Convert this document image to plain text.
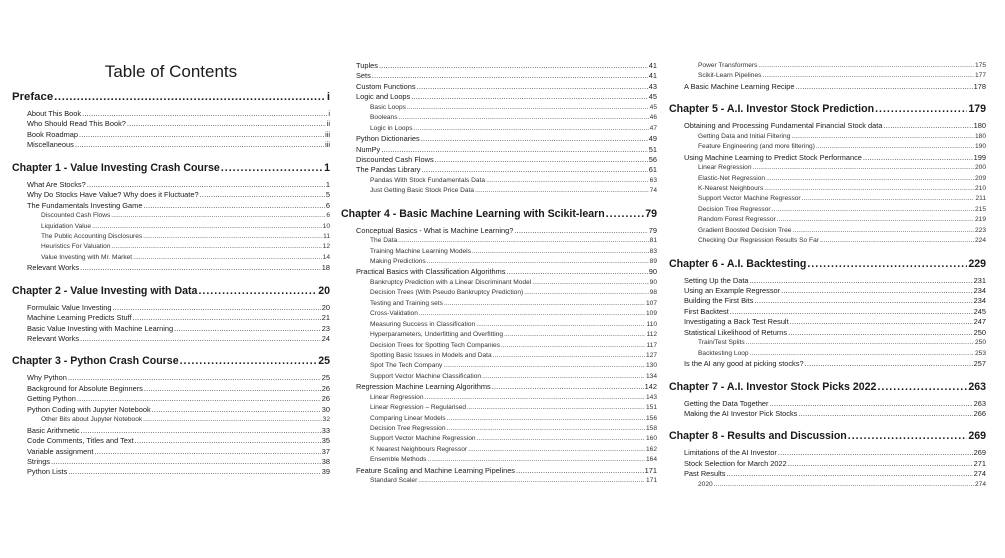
Table of Contents
Preface .....	i
About This Book .....	i
Who Should Read This Book? .....	ii
Book Roadmap .....	iii
Miscellaneous .....	iii
Chapter 1 - Value Investing Crash Course .....	1
What Are Stocks? .....	1
Why Do Stocks Have Value? Why does it Fluctuate? .....	5
The Fundamentals Investing Game .....	6
Discounted Cash Flows .....	6
Liquidation Value .....	10
The Public Accounting Disclosures .....	11
Heuristics For Valuation .....	12
Value Investing with Mr. Market .....	14
Relevant Works .....	18
Chapter 2 - Value Investing with Data .....	20
Formulaic Value Investing .....	20
Machine Learning Predicts Stuff .....	21
Basic Value Investing with Machine Learning .....	23
Relevant Works .....	24
Chapter 3 - Python Crash Course .....	25
Why Python .....	25
Background for Absolute Beginners .....	26
Getting Python .....	26
Python Coding with Jupyter Notebook .....	30
Other Bits about Jupyter Notebook .....	32
Basic Arithmetic .....	33
Code Comments, Titles and Text .....	35
Variable assignment .....	37
Strings .....	38
Python Lists .....	39
Tuples .....	41
Sets .....	41
Custom Functions .....	43
Logic and Loops .....	45
Basic Loops .....	45
Booleans .....	46
Logic in Loops .....	47
Python Dictionaries .....	49
NumPy .....	51
Discounted Cash Flows .....	56
The Pandas Library .....	61
Pandas With Stock Fundamentals Data .....	63
Just Getting Basic Stock Price Data .....	74
Chapter 4 - Basic Machine Learning with Scikit-learn .....	79
Conceptual Basics - What is Machine Learning? .....	79
The Data .....	81
Training Machine Learning Models .....	83
Making Predictions .....	89
Practical Basics with Classification Algorithms .....	90
Bankruptcy Prediction with a Linear Discriminant Model .....	90
Decision Trees (With Pseudo Bankruptcy Prediction) .....	98
Testing and Training sets .....	107
Cross-Validation .....	109
Measuring Success in Classification .....	110
Hyperparameters, Underfitting and Overfitting .....	112
Decision Trees for Spotting Tech Companies .....	117
Spotting Basic Issues in Models and Data .....	127
Spot The Tech Company .....	130
Support Vector Machine Classification .....	134
Regression Machine Learning Algorithms .....	142
Linear Regression .....	143
Linear Regression – Regularised .....	151
Comparing Linear Models .....	156
Decision Tree Regression .....	158
Support Vector Machine Regression .....	160
K Nearest Neighbours Regressor .....	162
Ensemble Methods .....	164
Feature Scaling and Machine Learning Pipelines .....	171
Standard Scaler .....	171
Power Transformers .....	175
Scikit-Learn Pipelines .....	177
A Basic Machine Learning Recipe .....	178
Chapter 5 - A.I. Investor Stock Prediction .....	179
Obtaining and Processing Fundamental Financial Stock data .....	180
Getting Data and Initial Filtering .....	180
Feature Engineering (and more filtering) .....	190
Using Machine Learning to Predict Stock Performance .....	199
Linear Regression .....	200
Elastic-Net Regression .....	209
K-Nearest Neighbours .....	210
Support Vector Machine Regressor .....	211
Decision Tree Regressor .....	215
Random Forest Regressor .....	219
Gradient Boosted Decision Tree .....	223
Checking Our Regression Results So Far .....	224
Chapter 6 - A.I. Backtesting .....	229
Setting Up the Data .....	231
Using an Example Regressor .....	234
Building the First Bits .....	234
First Backtest .....	245
Investigating a Back Test Result .....	247
Statistical Likelihood of Returns .....	250
Train/Test Splits .....	250
Backtesting Loop .....	253
Is the AI any good at picking stocks? .....	257
Chapter 7 - A.I. Investor Stock Picks 2022 .....	263
Getting the Data Together .....	263
Making the AI Investor Pick Stocks .....	266
Chapter 8 - Results and Discussion .....	269
Limitations of the AI Investor .....	269
Stock Selection for March 2022 .....	271
Past Results .....	274
2020 .....	274
